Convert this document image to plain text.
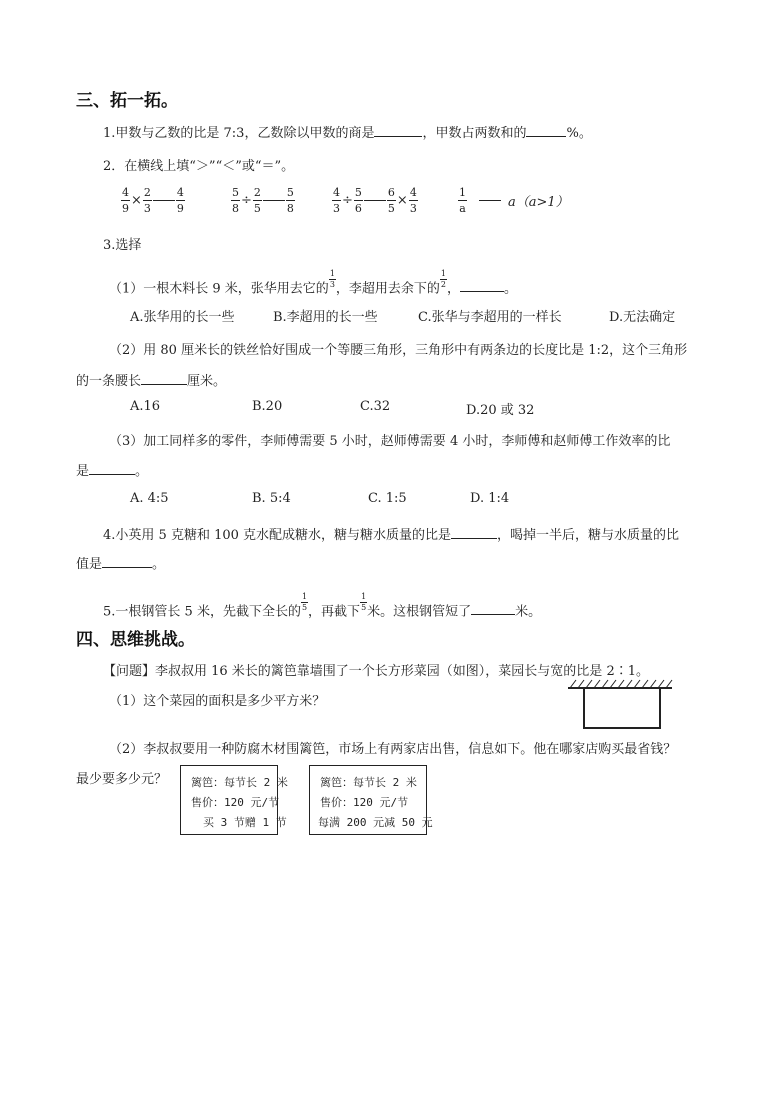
三、拓一拓。
1.甲数与乙数的比是 7:3，乙数除以甲数的商是	，甲数占两数和的	%。
2．在横线上填“＞”“＜”或“＝”。
$\frac{4}{9} \times \frac{2}{3} \frac{4}{9}$	$\frac{5}{8} \div \frac{2}{5} \frac{5}{8}$	$\frac{4}{3} \div \frac{5}{6} \frac{6}{5} \times \frac{4}{3}$	$\frac{1}{a}$	a（a>1）
3.选择
（1）一根木料长 9 米，张华用去它的 $\frac{1}{3}$ ，李超用去余下的 $\frac{1}{2}$ ，	。
A.张华用的长一些	B.李超用的长一些	C.张华与李超用的一样长	D.无法确定
（2）用 80 厘米长的铁丝恰好围成一个等腰三角形，三角形中有两条边的长度比是 1:2，这个三角形
的一条腰长	厘米。
A.16	B.20	C.32	D.20 或 32
（3）加工同样多的零件，李师傅需要 5 小时，赵师傅需要 4 小时，李师傅和赵师傅工作效率的比
是	。
A. 4:5	B. 5:4	C. 1:5	D. 1:4
4.小英用 5 克糖和 100 克水配成糖水，糖与糖水质量的比是	，喝掉一半后，糖与水质量的比
值是	。
5.一根钢管长 5 米，先截下全长的 $\frac{1}{5}$ ，再截下 $\frac{1}{5}$ 米。这根钢管短了	米。
四、思维挑战。
【问题】李叔叔用 16 米长的篱笆靠墙围了一个长方形菜园（如图），菜园长与宽的比是 2∶1。
（1）这个菜园的面积是多少平方米？
（2）李叔叔要用一种防腐木材围篱笆，市场上有两家店出售，信息如下。他在哪家店购买最省钱？
最少要多少元？ 篱笆：每节长 2 米
售价：120 元/节
买 3 节赠 1 节
篱笆：每节长 2 米
售价：120 元/节
每满 200 元减 50 元
